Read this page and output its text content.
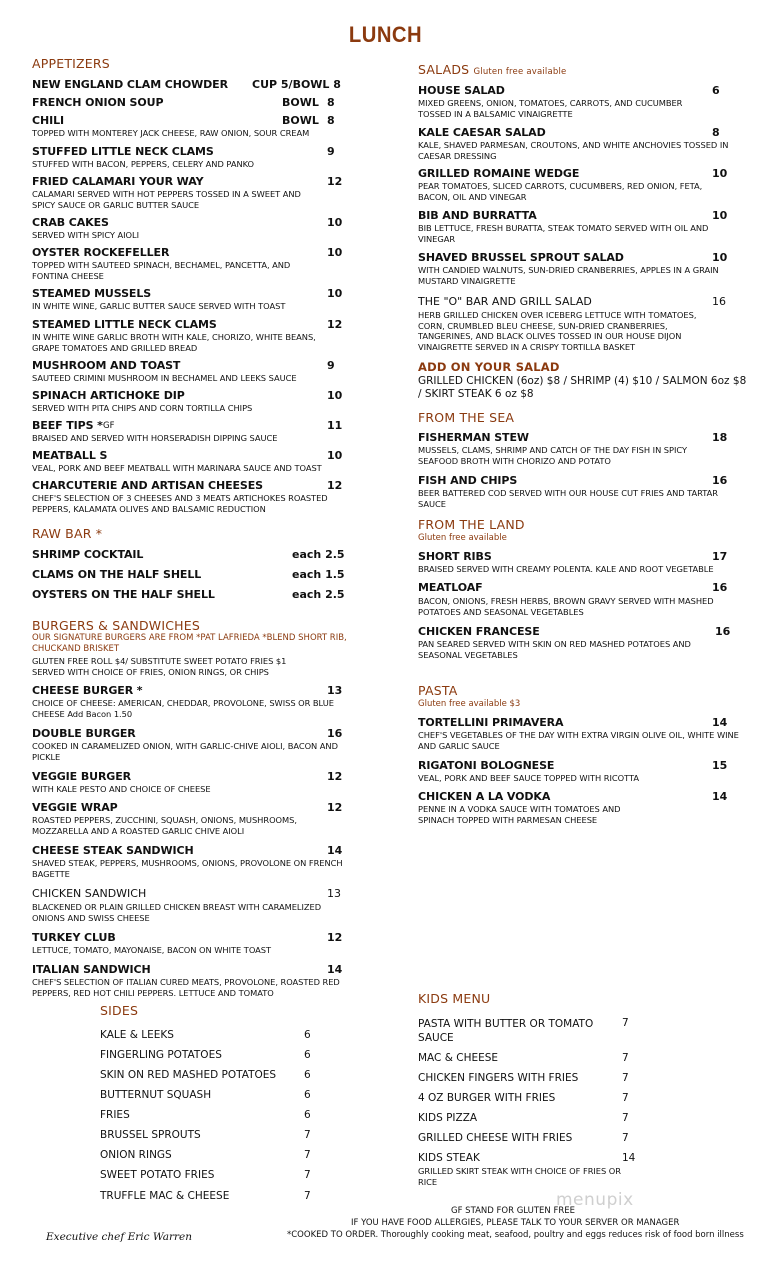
LUNCH
APPETIZERS
NEW ENGLAND CLAM CHOWDER CUP 5/BOWL 8
FRENCH ONION SOUP	BOWL 8
CHILI	BOWL 8
TOPPED WITH MONTEREY JACK CHEESE, RAW ONION, SOUR CREAM
STUFFED LITTLE NECK CLAMS	9
STUFFED WITH BACON, PEPPERS, CELERY AND PANKO
FRIED CALAMARI YOUR WAY	12
CALAMARI SERVED WITH HOT PEPPERS TOSSED IN A SWEET AND SPICY SAUCE OR GARLIC BUTTER SAUCE
CRAB CAKES	10
SERVED WITH SPICY AIOLI
OYSTER ROCKEFELLER	10
TOPPED WITH SAUTEED SPINACH, BECHAMEL, PANCETTA, AND FONTINA CHEESE
STEAMED MUSSELS	10
IN WHITE WINE, GARLIC BUTTER SAUCE SERVED WITH TOAST
STEAMED LITTLE NECK CLAMS	12
IN WHITE WINE GARLIC BROTH WITH KALE, CHORIZO, WHITE BEANS, GRAPE TOMATOES AND GRILLED BREAD
MUSHROOM AND TOAST	9
SAUTEED CRIMINI MUSHROOM IN BECHAMEL AND LEEKS SAUCE
SPINACH ARTICHOKE DIP	10
SERVED WITH PITA CHIPS AND CORN TORTILLA CHIPS
BEEF TIPS * GF	11
BRAISED AND SERVED WITH HORSERADISH DIPPING SAUCE
MEATBALL S	10
VEAL, PORK AND BEEF MEATBALL WITH MARINARA SAUCE AND TOAST
CHARCUTERIE AND ARTISAN CHEESES	12
CHEF'S SELECTION OF 3 CHEESES AND 3 MEATS ARTICHOKES ROASTED PEPPERS, KALAMATA OLIVES AND BALSAMIC REDUCTION
RAW BAR *
SHRIMP COCKTAIL	each 2.5
CLAMS ON THE HALF SHELL	each 1.5
OYSTERS ON THE HALF SHELL	each 2.5
BURGERS & SANDWICHES
OUR SIGNATURE BURGERS ARE FROM *PAT LAFRIEDA *BLEND SHORT RIB, CHUCKAND BRISKET
GLUTEN FREE ROLL $4/ SUBSTITUTE SWEET POTATO FRIES $1
SERVED WITH CHOICE OF FRIES, ONION RINGS, OR CHIPS
CHEESE BURGER *	13
CHOICE OF CHEESE: AMERICAN, CHEDDAR, PROVOLONE, SWISS OR BLUE CHEESE Add Bacon 1.50
DOUBLE BURGER	16
COOKED IN CARAMELIZED ONION, WITH GARLIC-CHIVE AIOLI, BACON AND PICKLE
VEGGIE BURGER	12
WITH KALE PESTO AND CHOICE OF CHEESE
VEGGIE WRAP	12
ROASTED PEPPERS, ZUCCHINI, SQUASH, ONIONS, MUSHROOMS, MOZZARELLA AND A ROASTED GARLIC CHIVE AIOLI
CHEESE STEAK SANDWICH	14
SHAVED STEAK, PEPPERS, MUSHROOMS, ONIONS, PROVOLONE ON FRENCH BAGETTE
CHICKEN SANDWICH	13
BLACKENED OR PLAIN GRILLED CHICKEN BREAST WITH CARAMELIZED ONIONS AND SWISS CHEESE
TURKEY CLUB	12
LETTUCE, TOMATO, MAYONAISE, BACON ON WHITE TOAST
ITALIAN SANDWICH	14
CHEF'S SELECTION OF ITALIAN CURED MEATS, PROVOLONE, ROASTED RED PEPPERS, RED HOT CHILI PEPPERS. LETTUCE AND TOMATO
SIDES
KALE & LEEKS	6
FINGERLING POTATOES	6
SKIN ON RED MASHED POTATOES	6
BUTTERNUT SQUASH	6
FRIES	6
BRUSSEL SPROUTS	7
ONION RINGS	7
SWEET POTATO FRIES	7
TRUFFLE MAC & CHEESE	7
SALADS Gluten free available
HOUSE SALAD	6
MIXED GREENS, ONION, TOMATOES, CARROTS, AND CUCUMBER TOSSED IN A BALSAMIC VINAIGRETTE
KALE CAESAR SALAD	8
KALE, SHAVED PARMESAN, CROUTONS, AND WHITE ANCHOVIES TOSSED IN CAESAR DRESSING
GRILLED ROMAINE WEDGE	10
PEAR TOMATOES, SLICED CARROTS, CUCUMBERS, RED ONION, FETA, BACON, OIL AND VINEGAR
BIB AND BURRATTA	10
BIB LETTUCE, FRESH BURATTA, STEAK TOMATO SERVED WITH OIL AND VINEGAR
SHAVED BRUSSEL SPROUT SALAD	10
WITH CANDIED WALNUTS, SUN-DRIED CRANBERRIES, APPLES IN A GRAIN MUSTARD VINAIGRETTE
THE "O" BAR AND GRILL SALAD	16
HERB GRILLED CHICKEN OVER ICEBERG LETTUCE WITH TOMATOES, CORN, CRUMBLED BLEU CHEESE, SUN-DRIED CRANBERRIES, TANGERINES, AND BLACK OLIVES TOSSED IN OUR HOUSE DIJON VINAIGRETTE SERVED IN A CRISPY TORTILLA BASKET
ADD ON YOUR SALAD
GRILLED CHICKEN (6oz) $8 / SHRIMP (4) $10 / SALMON 6oz $8 / SKIRT STEAK 6 oz $8
FROM THE SEA
FISHERMAN STEW	18
MUSSELS, CLAMS, SHRIMP AND CATCH OF THE DAY FISH IN SPICY SEAFOOD BROTH WITH CHORIZO AND POTATO
FISH AND CHIPS	16
BEER BATTERED COD SERVED WITH OUR HOUSE CUT FRIES AND TARTAR SAUCE
FROM THE LAND
Gluten free available
SHORT RIBS	17
BRAISED SERVED WITH CREAMY POLENTA. KALE AND ROOT VEGETABLE
MEATLOAF	16
BACON, ONIONS, FRESH HERBS, BROWN GRAVY SERVED WITH MASHED POTATOES AND SEASONAL VEGETABLES
CHICKEN FRANCESE	16
PAN SEARED SERVED WITH SKIN ON RED MASHED POTATOES AND SEASONAL VEGETABLES
PASTA
Gluten free available $3
TORTELLINI PRIMAVERA	14
CHEF'S VEGETABLES OF THE DAY WITH EXTRA VIRGIN OLIVE OIL, WHITE WINE AND GARLIC SAUCE
RIGATONI BOLOGNESE	15
VEAL, PORK AND BEEF SAUCE TOPPED WITH RICOTTA
CHICKEN A LA VODKA	14
PENNE IN A VODKA SAUCE WITH TOMATOES AND SPINACH TOPPED WITH PARMESAN CHEESE
KIDS MENU
PASTA WITH BUTTER OR TOMATO SAUCE
7
MAC & CHEESE	7
CHICKEN FINGERS WITH FRIES	7
4 OZ BURGER WITH FRIES	7
KIDS PIZZA	7
GRILLED CHEESE WITH FRIES	7
KIDS STEAK	14
GRILLED SKIRT STEAK WITH CHOICE OF FRIES OR RICE
menupix
GF STAND FOR GLUTEN FREE
IF YOU HAVE FOOD ALLERGIES, PLEASE TALK TO YOUR SERVER OR MANAGER
*COOKED TO ORDER. Thoroughly cooking meat, seafood, poultry and eggs reduces risk of food born illness
Executive chef Eric Warren
